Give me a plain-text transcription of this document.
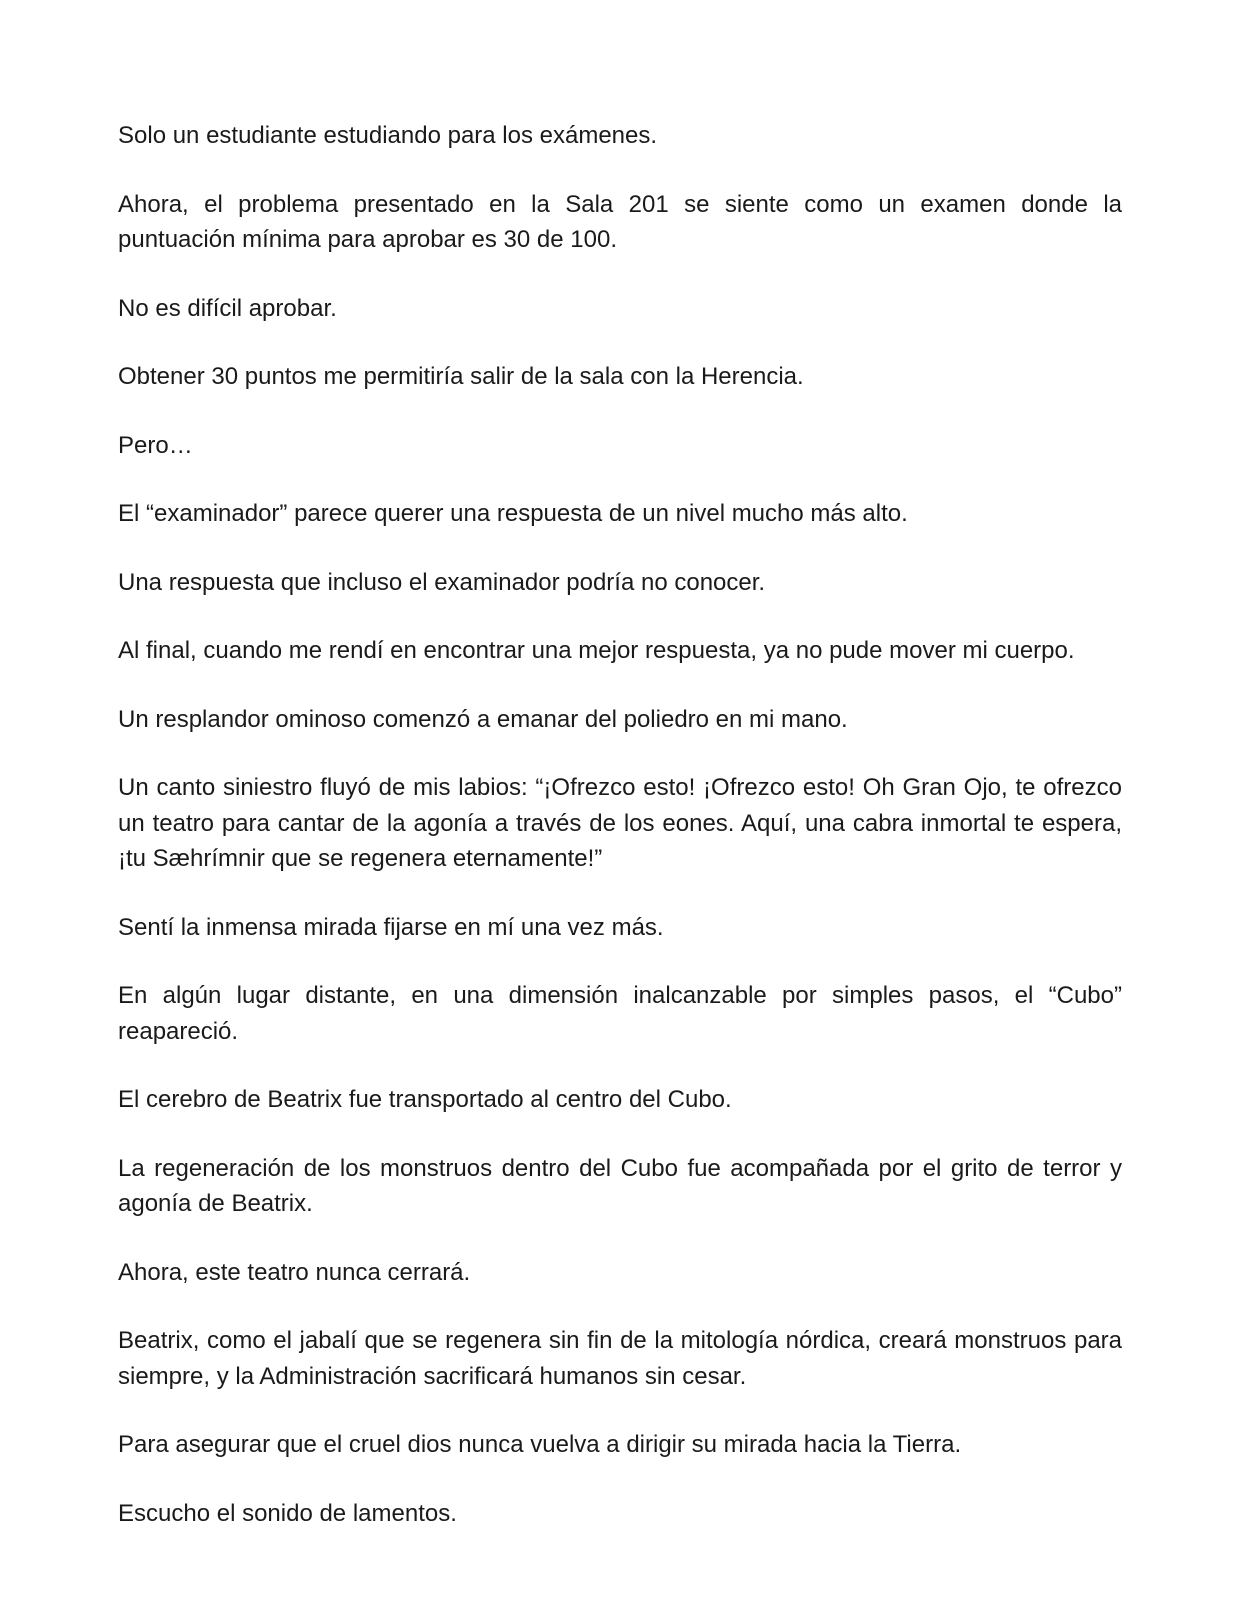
Solo un estudiante estudiando para los exámenes.

Ahora, el problema presentado en la Sala 201 se siente como un examen donde la puntuación mínima para aprobar es 30 de 100.

No es difícil aprobar.

Obtener 30 puntos me permitiría salir de la sala con la Herencia.

Pero…

El “examinador” parece querer una respuesta de un nivel mucho más alto.

Una respuesta que incluso el examinador podría no conocer.

Al final, cuando me rendí en encontrar una mejor respuesta, ya no pude mover mi cuerpo.

Un resplandor ominoso comenzó a emanar del poliedro en mi mano.

Un canto siniestro fluyó de mis labios: “¡Ofrezco esto! ¡Ofrezco esto! Oh Gran Ojo, te ofrezco un teatro para cantar de la agonía a través de los eones. Aquí, una cabra inmortal te espera, ¡tu Sæhrímnir que se regenera eternamente!”

Sentí la inmensa mirada fijarse en mí una vez más.

En algún lugar distante, en una dimensión inalcanzable por simples pasos, el “Cubo” reapareció.

El cerebro de Beatrix fue transportado al centro del Cubo.

La regeneración de los monstruos dentro del Cubo fue acompañada por el grito de terror y agonía de Beatrix.

Ahora, este teatro nunca cerrará.

Beatrix, como el jabalí que se regenera sin fin de la mitología nórdica, creará monstruos para siempre, y la Administración sacrificará humanos sin cesar.

Para asegurar que el cruel dios nunca vuelva a dirigir su mirada hacia la Tierra.

Escucho el sonido de lamentos.
